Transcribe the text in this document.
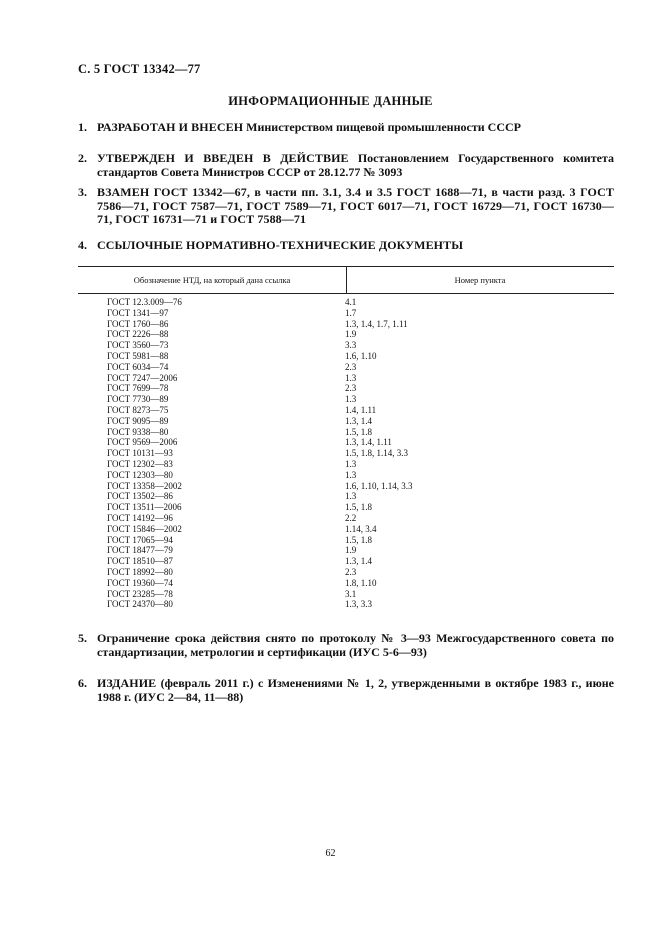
С. 5 ГОСТ 13342—77
ИНФОРМАЦИОННЫЕ ДАННЫЕ
1. РАЗРАБОТАН И ВНЕСЕН Министерством пищевой промышленности СССР
2. УТВЕРЖДЕН И ВВЕДЕН В ДЕЙСТВИЕ Постановлением Государственного комитета стандартов Совета Министров СССР от 28.12.77 № 3093
3. ВЗАМЕН ГОСТ 13342—67, в части пп. 3.1, 3.4 и 3.5 ГОСТ 1688—71, в части разд. 3 ГОСТ 7586—71, ГОСТ 7587—71, ГОСТ 7589—71, ГОСТ 6017—71, ГОСТ 16729—71, ГОСТ 16730—71, ГОСТ 16731—71 и ГОСТ 7588—71
4. ССЫЛОЧНЫЕ НОРМАТИВНО-ТЕХНИЧЕСКИЕ ДОКУМЕНТЫ
Обозначение НТД, на который дана ссылка	Номер пункта
ГОСТ 12.3.009—76	4.1
ГОСТ 1341—97	1.7
ГОСТ 1760—86	1.3, 1.4, 1.7, 1.11
ГОСТ 2226—88	1.9
ГОСТ 3560—73	3.3
ГОСТ 5981—88	1.6, 1.10
ГОСТ 6034—74	2.3
ГОСТ 7247—2006	1.3
ГОСТ 7699—78	2.3
ГОСТ 7730—89	1.3
ГОСТ 8273—75	1.4, 1.11
ГОСТ 9095—89	1.3, 1.4
ГОСТ 9338—80	1.5, 1.8
ГОСТ 9569—2006	1.3, 1.4, 1.11
ГОСТ 10131—93	1.5, 1.8, 1.14, 3.3
ГОСТ 12302—83	1.3
ГОСТ 12303—80	1.3
ГОСТ 13358—2002	1.6, 1.10, 1.14, 3.3
ГОСТ 13502—86	1.3
ГОСТ 13511—2006	1.5, 1.8
ГОСТ 14192—96	2.2
ГОСТ 15846—2002	1.14, 3.4
ГОСТ 17065—94	1.5, 1.8
ГОСТ 18477—79	1.9
ГОСТ 18510—87	1.3, 1.4
ГОСТ 18992—80	2.3
ГОСТ 19360—74	1.8, 1.10
ГОСТ 23285—78	3.1
ГОСТ 24370—80	1.3, 3.3
5. Ограничение срока действия снято по протоколу № 3—93 Межгосударственного совета по стандартизации, метрологии и сертификации (ИУС 5-6—93)
6. ИЗДАНИЕ (февраль 2011 г.) с Изменениями № 1, 2, утвержденными в октябре 1983 г., июне 1988 г. (ИУС 2—84, 11—88)
62
